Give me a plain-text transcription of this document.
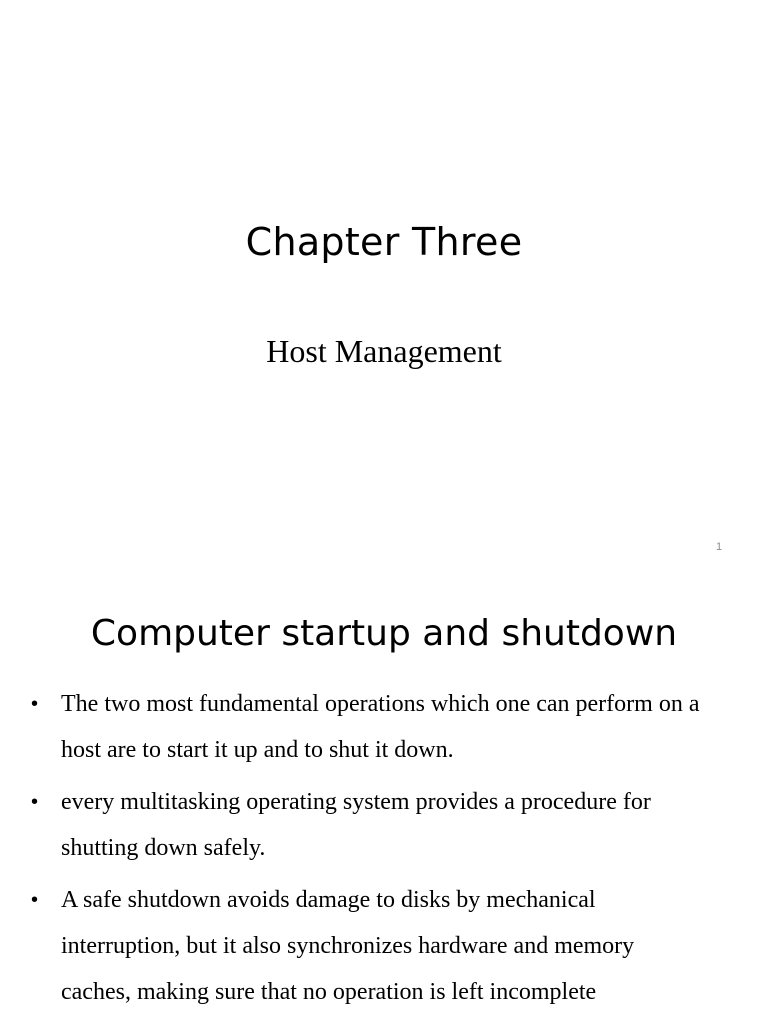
Chapter Three
Host Management
1
Computer startup and shutdown
• The two most fundamental operations which one can perform on a host are to start it up and to shut it down.
• every multitasking operating system provides a procedure for shutting down safely.
• A safe shutdown avoids damage to disks by mechanical interruption, but it also synchronizes hardware and memory caches, making sure that no operation is left incomplete
